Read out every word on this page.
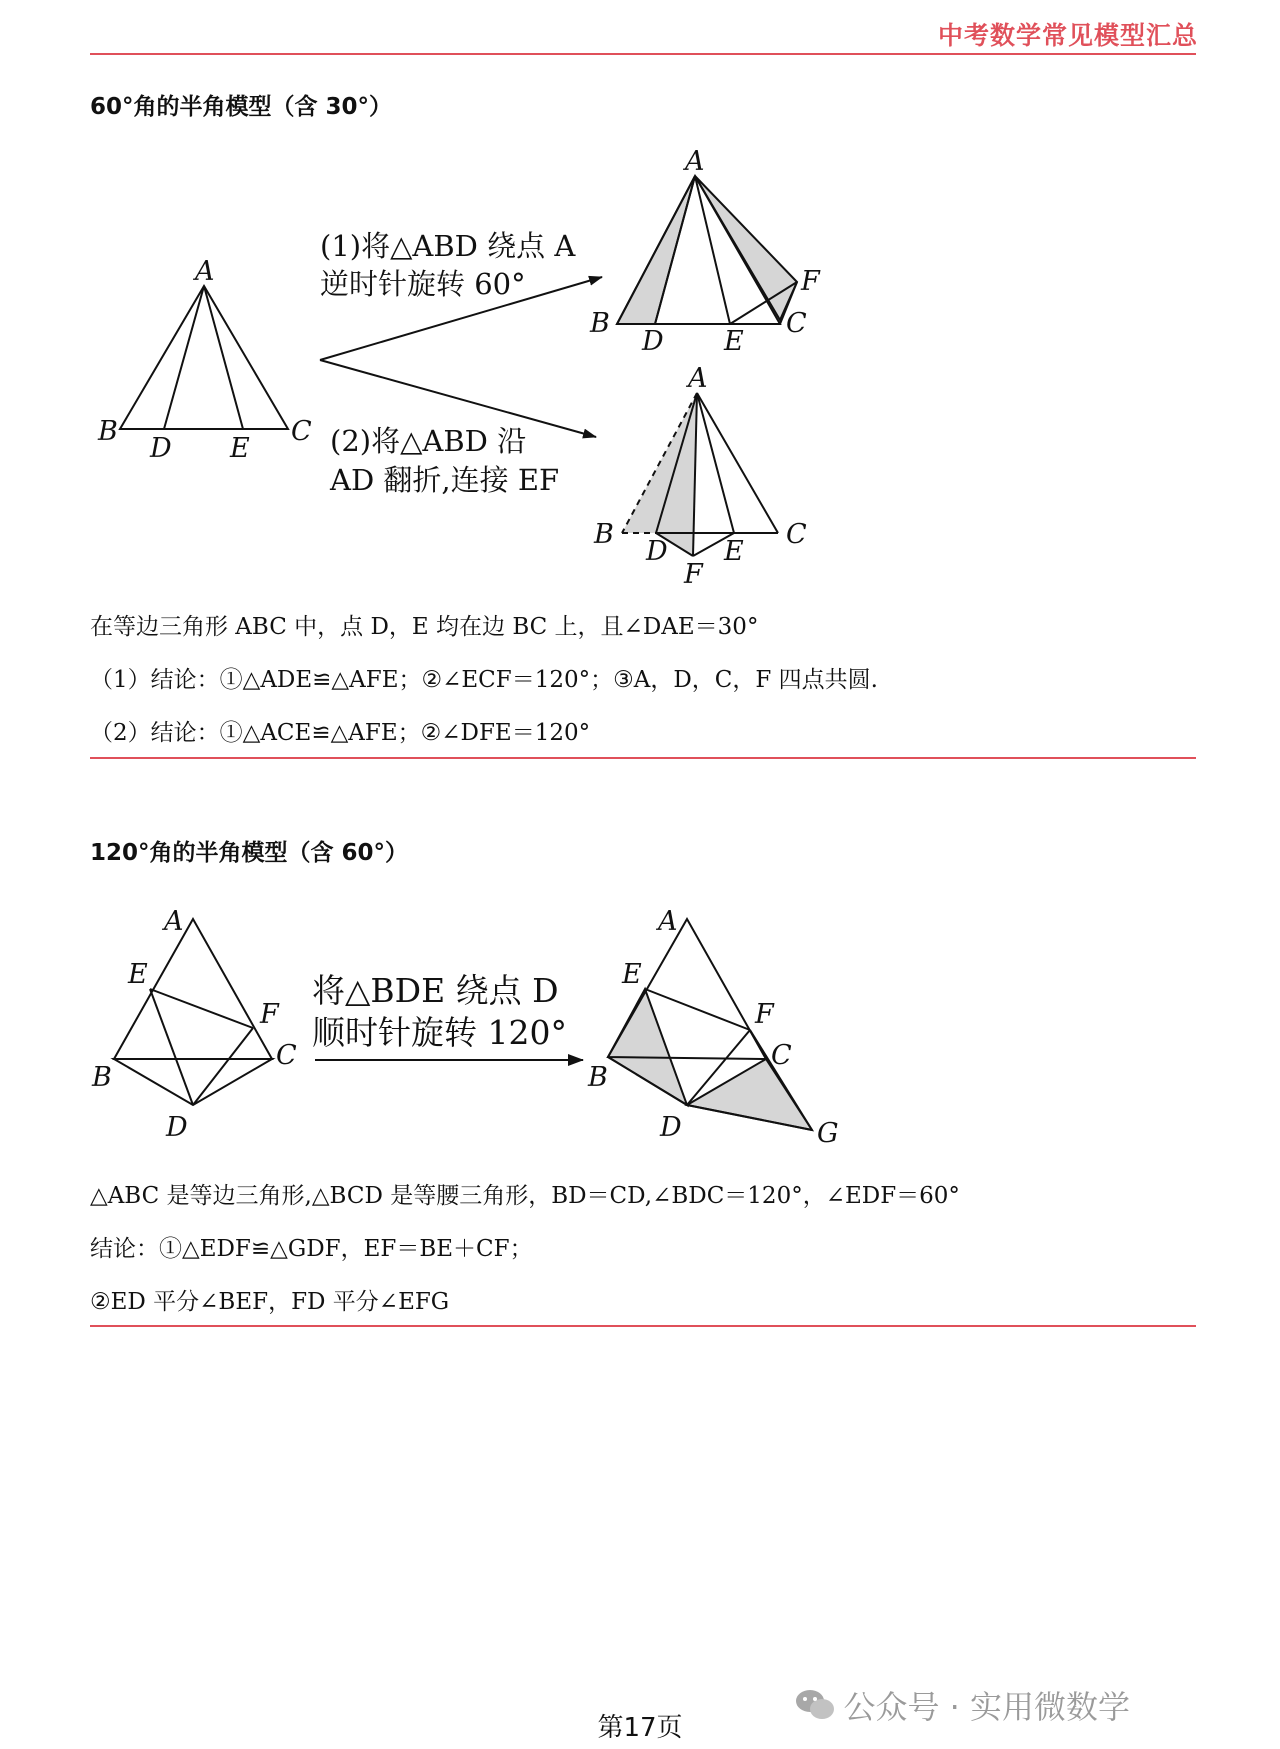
中考数学常见模型汇总
60°角的半角模型（含 30°）
A
B	C
D E
(1)将△ABD 绕点 A
逆时针旋转 60°
(2)将△ABD 沿
AD 翻折,连接 EF
A
B	C
D E
F
A
B	C
D E
F
在等边三角形 ABC 中，点 D，E 均在边 BC 上，且∠DAE＝30°
（1）结论：①△ADE≌△AFE；②∠ECF＝120°；③A，D，C，F 四点共圆.
（2）结论：①△ACE≌△AFE；②∠DFE＝120°
120°角的半角模型（含 60°）
A
E
F
C
B
D
将△BDE 绕点 D
顺时针旋转 120°
A
E
F
C
B
D	G
△ABC 是等边三角形,△BCD 是等腰三角形，BD＝CD,∠BDC＝120°，∠EDF＝60°
结论：①△EDF≌△GDF，EF＝BE＋CF；
②ED 平分∠BEF，FD 平分∠EFG
公众号 · 实用微数学
第17页
